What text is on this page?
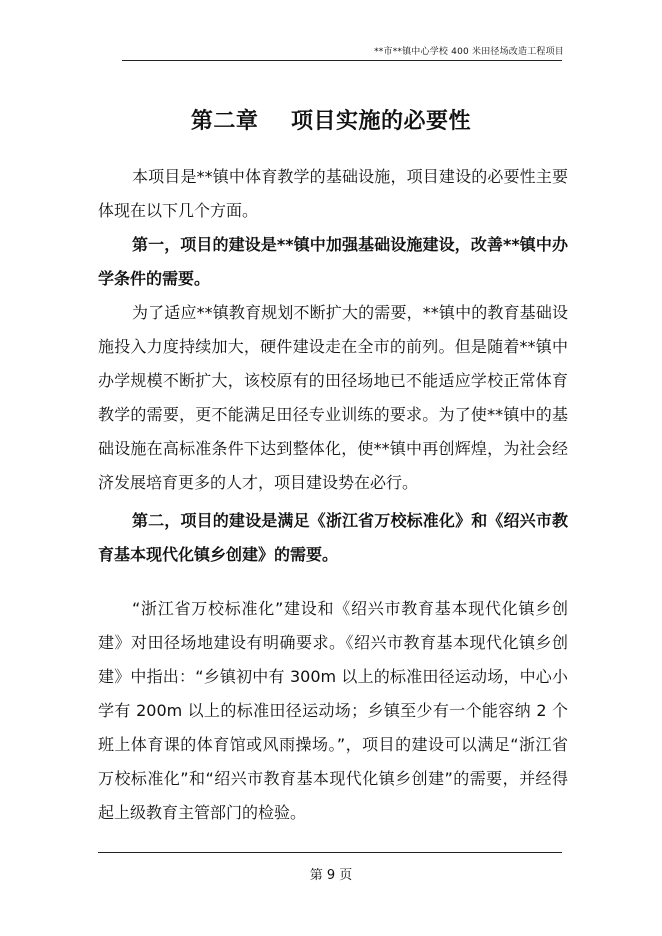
**市**镇中心学校 400 米田径场改造工程项目
第二章    项目实施的必要性

本项目是**镇中体育教学的基础设施，项目建设的必要性主要体现在以下几个方面。

第一，项目的建设是**镇中加强基础设施建设，改善**镇中办学条件的需要。

为了适应**镇教育规划不断扩大的需要，**镇中的教育基础设施投入力度持续加大，硬件建设走在全市的前列。但是随着**镇中办学规模不断扩大，该校原有的田径场地已不能适应学校正常体育教学的需要，更不能满足田径专业训练的要求。为了使**镇中的基础设施在高标准条件下达到整体化，使**镇中再创辉煌，为社会经济发展培育更多的人才，项目建设势在必行。

第二，项目的建设是满足《浙江省万校标准化》和《绍兴市教育基本现代化镇乡创建》的需要。

“浙江省万校标准化”建设和《绍兴市教育基本现代化镇乡创建》对田径场地建设有明确要求。《绍兴市教育基本现代化镇乡创建》中指出：“乡镇初中有 300m 以上的标准田径运动场，中心小学有 200m 以上的标准田径运动场；乡镇至少有一个能容纳 2 个班上体育课的体育馆或风雨操场。”，项目的建设可以满足“浙江省万校标准化”和“绍兴市教育基本现代化镇乡创建”的需要，并经得起上级教育主管部门的检验。

第 9 页
